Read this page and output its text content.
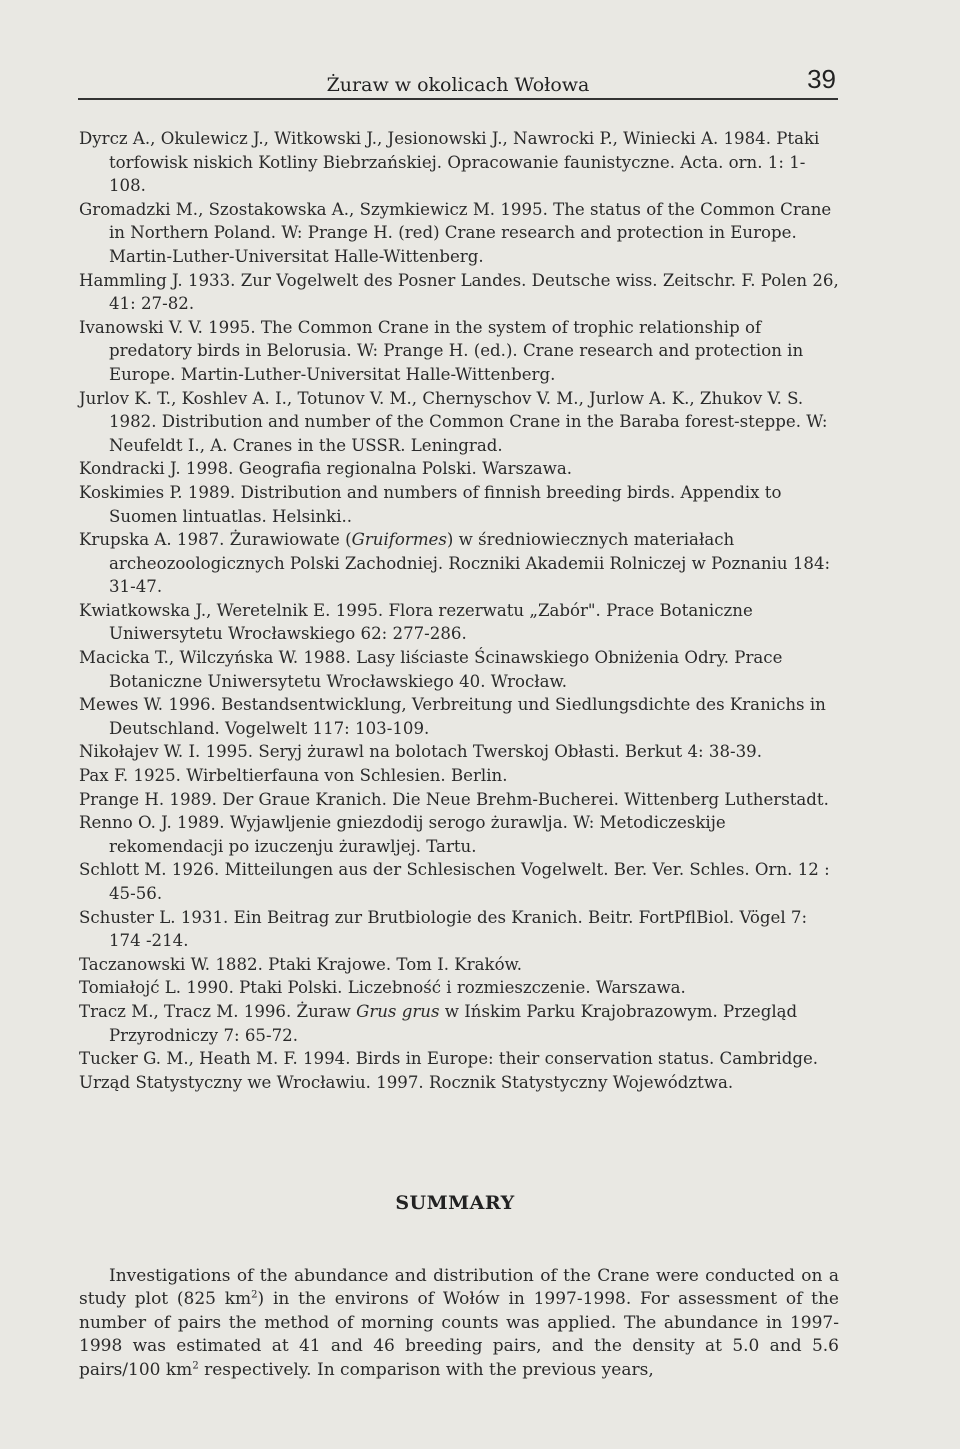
Żuraw w okolicach Wołowa	39
Dyrcz A., Okulewicz J., Witkowski J., Jesionowski J., Nawrocki P., Winiecki A. 1984. Ptaki torfowisk niskich Kotliny Biebrzańskiej. Opracowanie faunistyczne. Acta. orn. 1: 1-108.
Gromadzki M., Szostakowska A., Szymkiewicz M. 1995. The status of the Common Crane in Northern Poland. W: Prange H. (red) Crane research and protection in Europe. Martin-Luther-Universitat Halle-Wittenberg.
Hammling J. 1933. Zur Vogelwelt des Posner Landes. Deutsche wiss. Zeitschr. F. Polen 26, 41: 27-82.
Ivanowski V. V. 1995. The Common Crane in the system of trophic relationship of predatory birds in Belorusia. W: Prange H. (ed.). Crane research and protection in Europe. Martin-Luther-Universitat Halle-Wittenberg.
Jurlov K. T., Koshlev A. I., Totunov V. M., Chernyschov V. M., Jurlow A. K., Zhukov V. S. 1982. Distribution and number of the Common Crane in the Baraba forest-steppe. W: Neufeldt I., A. Cranes in the USSR. Leningrad.
Kondracki J. 1998. Geografia regionalna Polski. Warszawa.
Koskimies P. 1989. Distribution and numbers of finnish breeding birds. Appendix to Suomen lintuatlas. Helsinki..
Krupska A. 1987. Żurawiowate (Gruiformes) w średniowiecznych materiałach archeozoologicznych Polski Zachodniej. Roczniki Akademii Rolniczej w Poznaniu 184: 31-47.
Kwiatkowska J., Weretelnik E. 1995. Flora rezerwatu „Zabór". Prace Botaniczne Uniwersytetu Wrocławskiego 62: 277-286.
Macicka T., Wilczyńska W. 1988. Lasy liściaste Ścinawskiego Obniżenia Odry. Prace Botaniczne Uniwersytetu Wrocławskiego 40. Wrocław.
Mewes W. 1996. Bestandsentwicklung, Verbreitung und Siedlungsdichte des Kranichs in Deutschland. Vogelwelt 117: 103-109.
Nikołajev W. I. 1995. Seryj żurawl na bolotach Twerskoj Obłasti. Berkut 4: 38-39.
Pax F. 1925. Wirbeltierfauna von Schlesien. Berlin.
Prange H. 1989. Der Graue Kranich. Die Neue Brehm-Bucherei. Wittenberg Lutherstadt.
Renno O. J. 1989. Wyjawljenie gniezdodij serogo żurawlja. W: Metodiczeskije rekomendacji po izuczenju żurawljej. Tartu.
Schlott M. 1926. Mitteilungen aus der Schlesischen Vogelwelt. Ber. Ver. Schles. Orn. 12 : 45-56.
Schuster L. 1931. Ein Beitrag zur Brutbiologie des Kranich. Beitr. FortPflBiol. Vögel 7: 174 -214.
Taczanowski W. 1882. Ptaki Krajowe. Tom I. Kraków.
Tomiałojć L. 1990. Ptaki Polski. Liczebność i rozmieszczenie. Warszawa.
Tracz M., Tracz M. 1996. Żuraw Grus grus w Ińskim Parku Krajobrazowym. Przegląd Przyrodniczy 7: 65-72.
Tucker G. M., Heath M. F. 1994. Birds in Europe: their conservation status. Cambridge.
Urząd Statystyczny we Wrocławiu. 1997. Rocznik Statystyczny Województwa.
SUMMARY

Investigations of the abundance and distribution of the Crane were conducted on a study plot (825 $km^2$) in the environs of Wołów in 1997-1998. For assessment of the number of pairs the method of morning counts was applied. The abundance in 1997-1998 was estimated at 41 and 46 breeding pairs, and the density at 5.0 and 5.6 pairs/100 $km^2$ respectively. In comparison with the previous years,
